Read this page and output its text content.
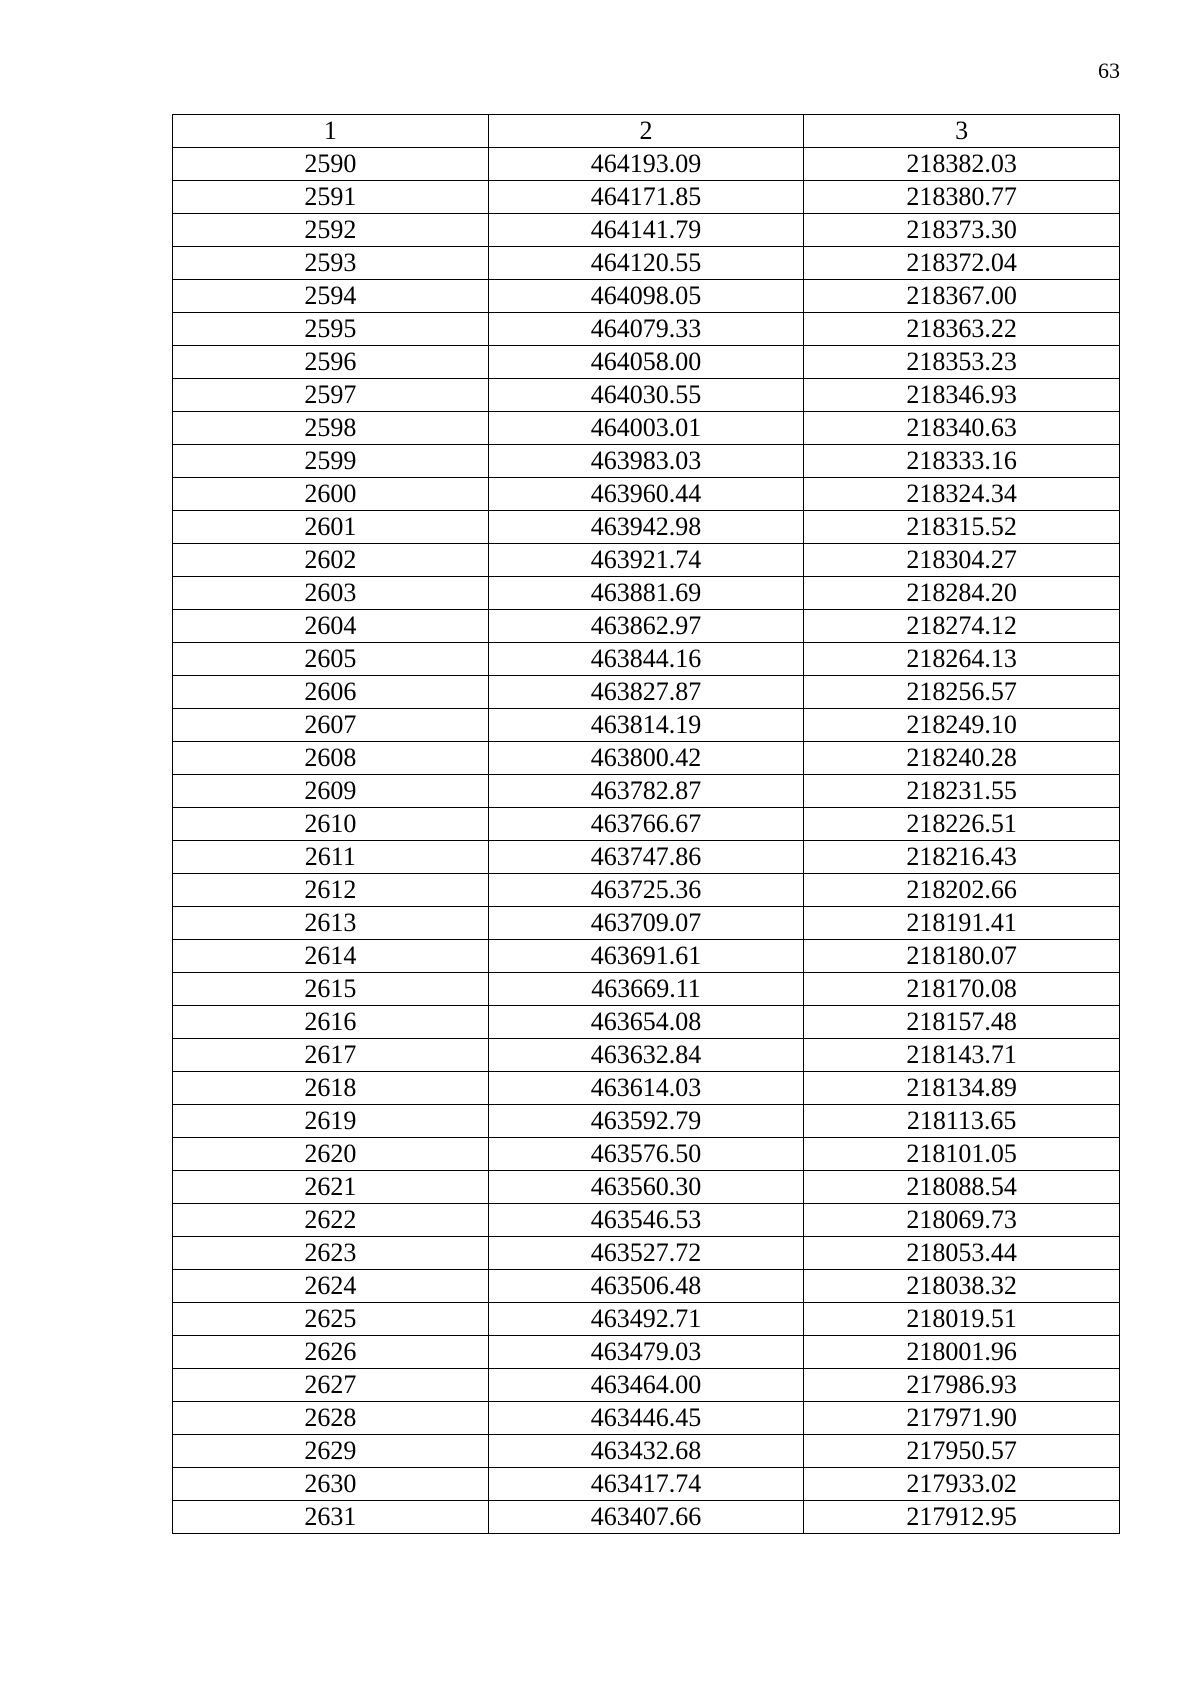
63
1	2	3
2590	464193.09	218382.03
2591	464171.85	218380.77
2592	464141.79	218373.30
2593	464120.55	218372.04
2594	464098.05	218367.00
2595	464079.33	218363.22
2596	464058.00	218353.23
2597	464030.55	218346.93
2598	464003.01	218340.63
2599	463983.03	218333.16
2600	463960.44	218324.34
2601	463942.98	218315.52
2602	463921.74	218304.27
2603	463881.69	218284.20
2604	463862.97	218274.12
2605	463844.16	218264.13
2606	463827.87	218256.57
2607	463814.19	218249.10
2608	463800.42	218240.28
2609	463782.87	218231.55
2610	463766.67	218226.51
2611	463747.86	218216.43
2612	463725.36	218202.66
2613	463709.07	218191.41
2614	463691.61	218180.07
2615	463669.11	218170.08
2616	463654.08	218157.48
2617	463632.84	218143.71
2618	463614.03	218134.89
2619	463592.79	218113.65
2620	463576.50	218101.05
2621	463560.30	218088.54
2622	463546.53	218069.73
2623	463527.72	218053.44
2624	463506.48	218038.32
2625	463492.71	218019.51
2626	463479.03	218001.96
2627	463464.00	217986.93
2628	463446.45	217971.90
2629	463432.68	217950.57
2630	463417.74	217933.02
2631	463407.66	217912.95
